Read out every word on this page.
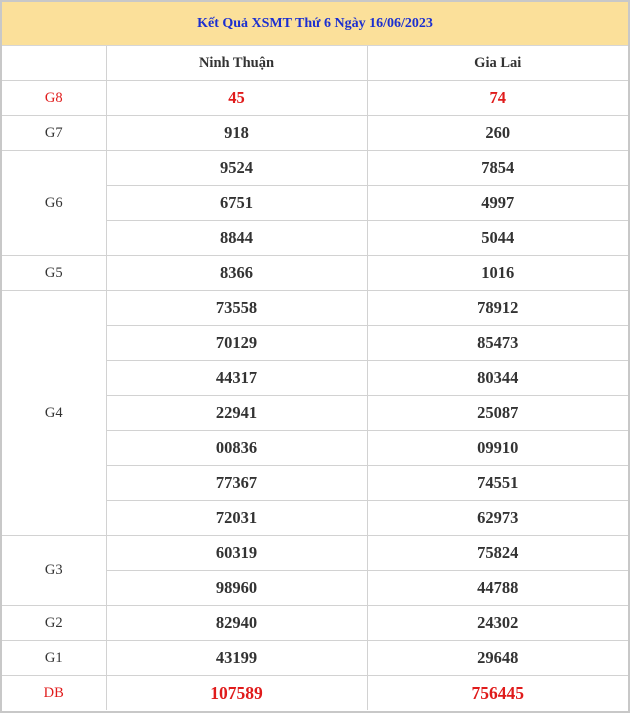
Kết Quả XSMT Thứ 6 Ngày 16/06/2023
	Ninh Thuận	Gia Lai
G8	45	74
G7	918	260
G6	9524	7854
	6751	4997
	8844	5044
G5	8366	1016
G4	73558	78912
	70129	85473
	44317	80344
	22941	25087
	00836	09910
	77367	74551
	72031	62973
G3	60319	75824
	98960	44788
G2	82940	24302
G1	43199	29648
DB	107589	756445
